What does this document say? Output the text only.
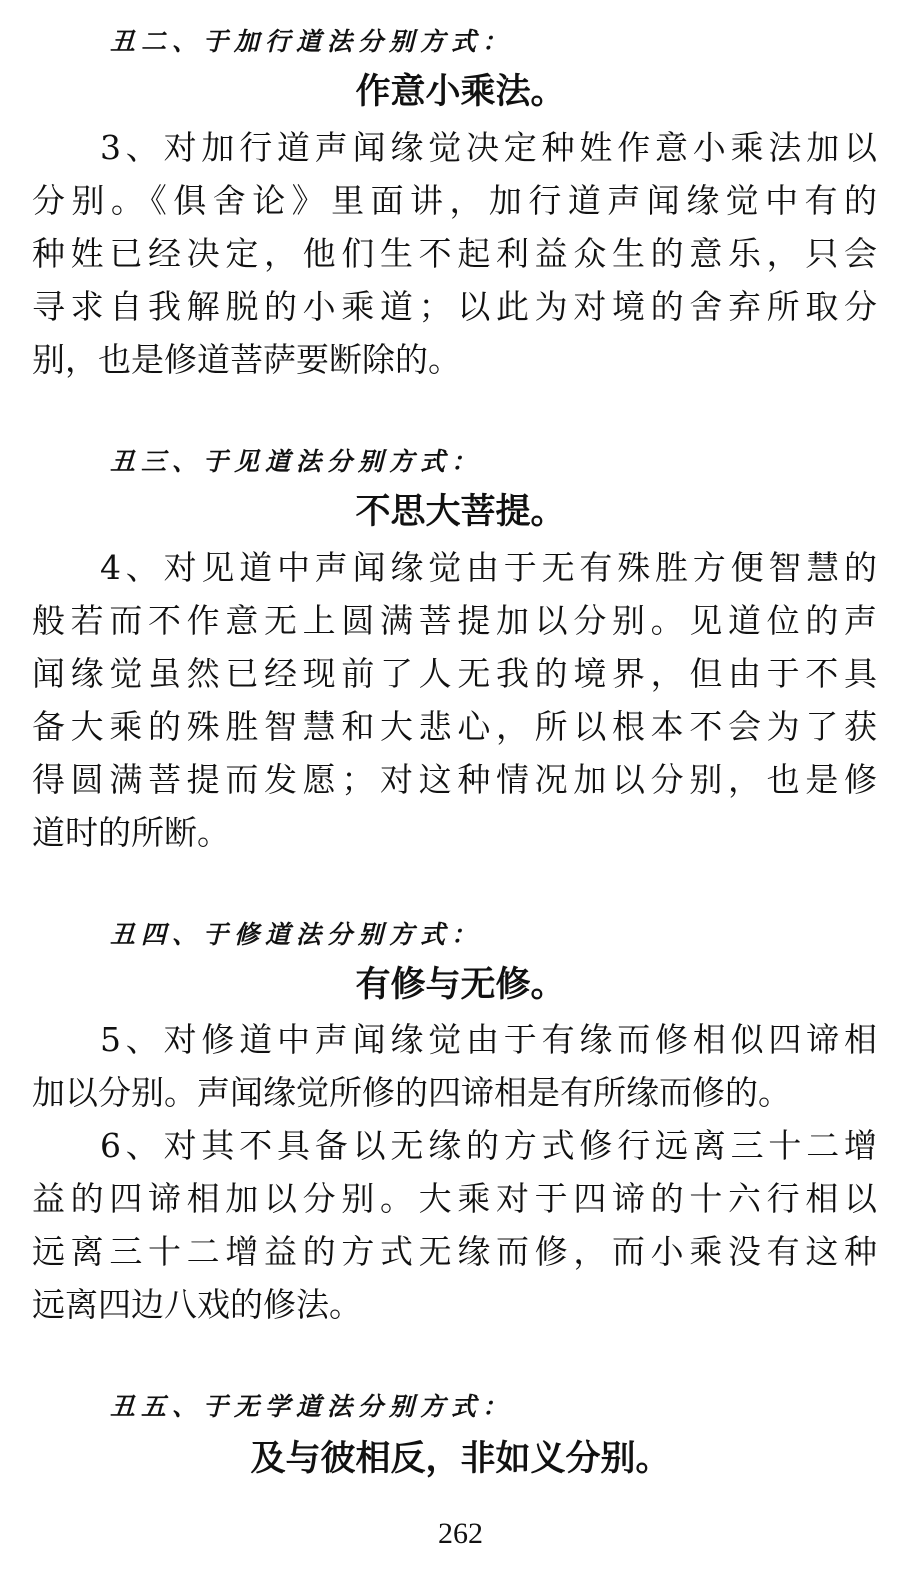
丑二、于加行道法分别方式：
作意小乘法。
3、对加行道声闻缘觉决定种姓作意小乘法加以
分别。《俱舍论》里面讲，加行道声闻缘觉中有的
种姓已经决定，他们生不起利益众生的意乐，只会
寻求自我解脱的小乘道；以此为对境的舍弃所取分
别，也是修道菩萨要断除的。
丑三、于见道法分别方式：
不思大菩提。
4、对见道中声闻缘觉由于无有殊胜方便智慧的
般若而不作意无上圆满菩提加以分别。见道位的声
闻缘觉虽然已经现前了人无我的境界，但由于不具
备大乘的殊胜智慧和大悲心，所以根本不会为了获
得圆满菩提而发愿；对这种情况加以分别，也是修
道时的所断。
丑四、于修道法分别方式：
有修与无修。
5、对修道中声闻缘觉由于有缘而修相似四谛相
加以分别。声闻缘觉所修的四谛相是有所缘而修的。
6、对其不具备以无缘的方式修行远离三十二增
益的四谛相加以分别。大乘对于四谛的十六行相以
远离三十二增益的方式无缘而修，而小乘没有这种
远离四边八戏的修法。
丑五、于无学道法分别方式：
及与彼相反，非如义分别。
262
